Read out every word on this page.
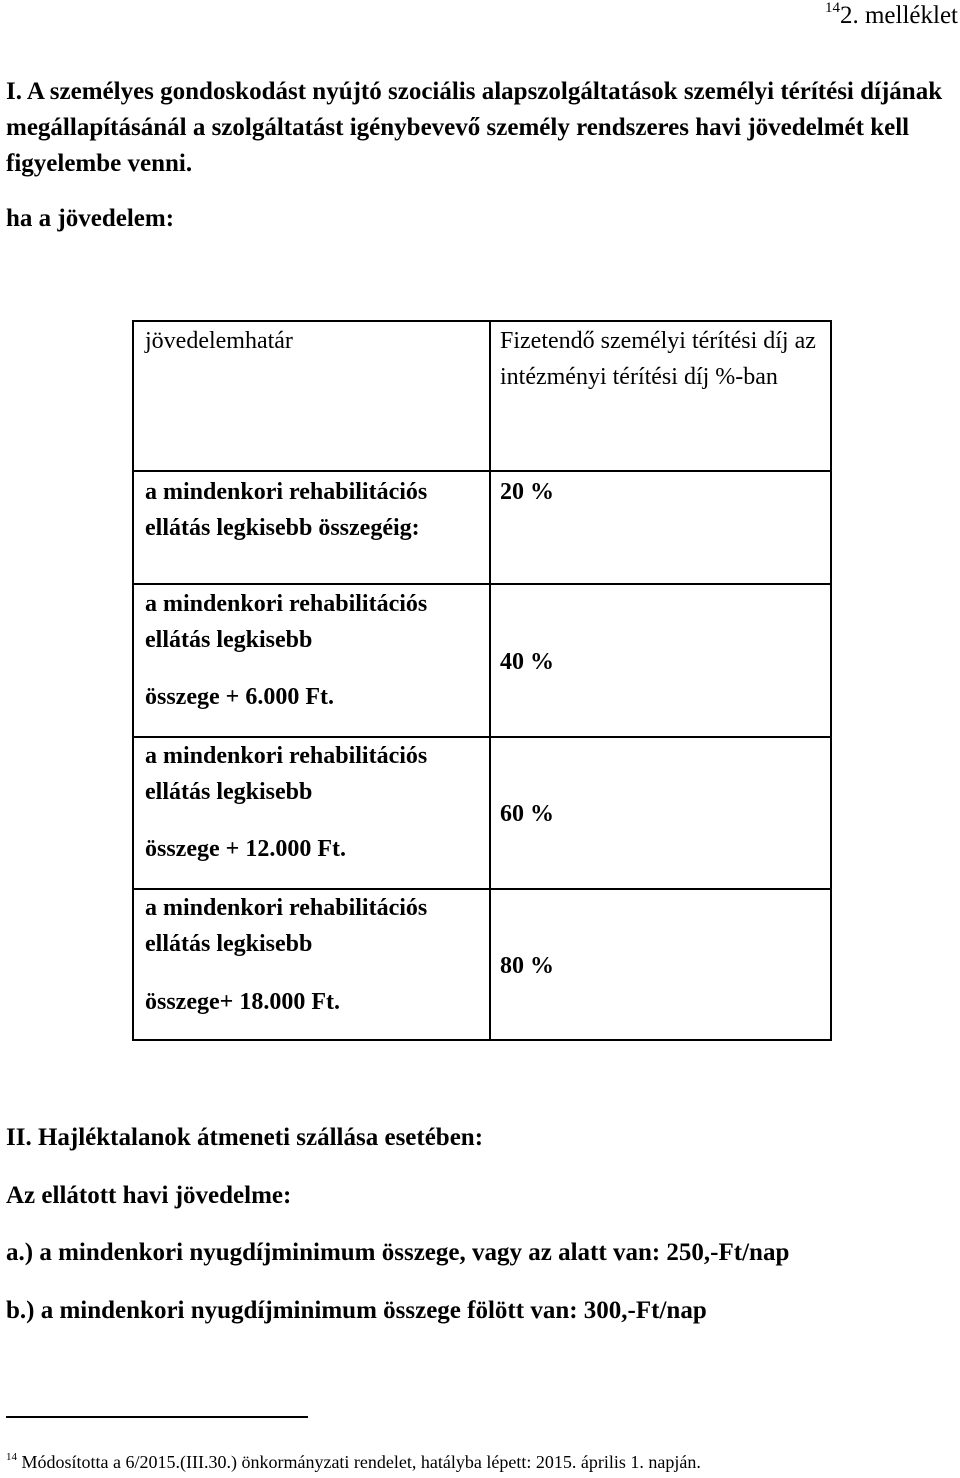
$^{14}$2. melléklet
I. A személyes gondoskodást nyújtó szociális alapszolgáltatások személyi térítési díjának megállapításánál a szolgáltatást igénybevevő személy rendszeres havi jövedelmét kell figyelembe venni.
ha a jövedelem:
jövedelemhatár	Fizetendő személyi térítési díj az intézményi térítési díj %-ban
a mindenkori rehabilitációs ellátás legkisebb összegéig:
20 %
a mindenkori rehabilitációs ellátás legkisebb
összege + 6.000 Ft.
40 %
a mindenkori rehabilitációs ellátás legkisebb
összege + 12.000 Ft.
60 %
a mindenkori rehabilitációs ellátás legkisebb
összege+ 18.000 Ft.
80 %
II. Hajléktalanok átmeneti szállása esetében:
Az ellátott havi jövedelme:
a.) a mindenkori nyugdíjminimum összege, vagy az alatt van: 250,-Ft/nap
b.) a mindenkori nyugdíjminimum összege fölött van: 300,-Ft/nap
$^{14}$ Módosította a 6/2015.(III.30.) önkormányzati rendelet, hatályba lépett: 2015. április 1. napján.
